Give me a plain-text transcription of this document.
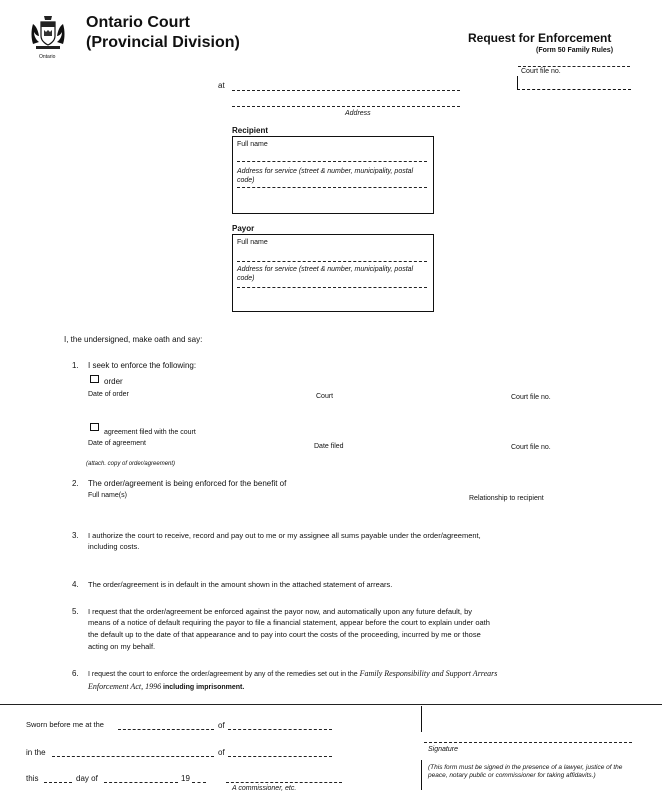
Ontario
Ontario Court
(Provincial Division)	Request for Enforcement
(Form 50 Family Rules)
Court file no.
at
Address
Recipient
Full name
Address for service (street & number, municipality, postal code)
Payor
Full name
Address for service (street & number, municipality, postal code)
I, the undersigned, make oath and say:
1. I seek to enforce the following:
order
Date of order	Court	Court file no.
agreement filed with the court
Date of agreement	Date filed	Court file no.
(attach. copy of order/agreement)
2. The order/agreement is being enforced for the benefit of
Full name(s)	Relationship to recipient
3. I authorize the court to receive, record and pay out to me or my assignee all sums payable under the order/agreement,
including costs.
4. The order/agreement is in default in the amount shown in the attached statement of arrears.
5. I request that the order/agreement be enforced against the payor now, and automatically upon any future default, by
means of a notice of default requiring the payor to file a financial statement, appear before the court to explain under oath
the default up to the date of that appearance and to pay into court the costs of the proceeding, incurred by me or those
acting on my behalf.
6. I request the court to enforce the order/agreement by any of the remedies set out in the Family Responsibility and Support Arrears
Enforcement Act, 1996 including imprisonment.
Sworn before me at the	of
in the	of	Signature
this	day of	19
A commissioner, etc.
(This form must be signed in the presence of a lawyer, justice of the peace, notary public or commissioner for taking affidavits.)
